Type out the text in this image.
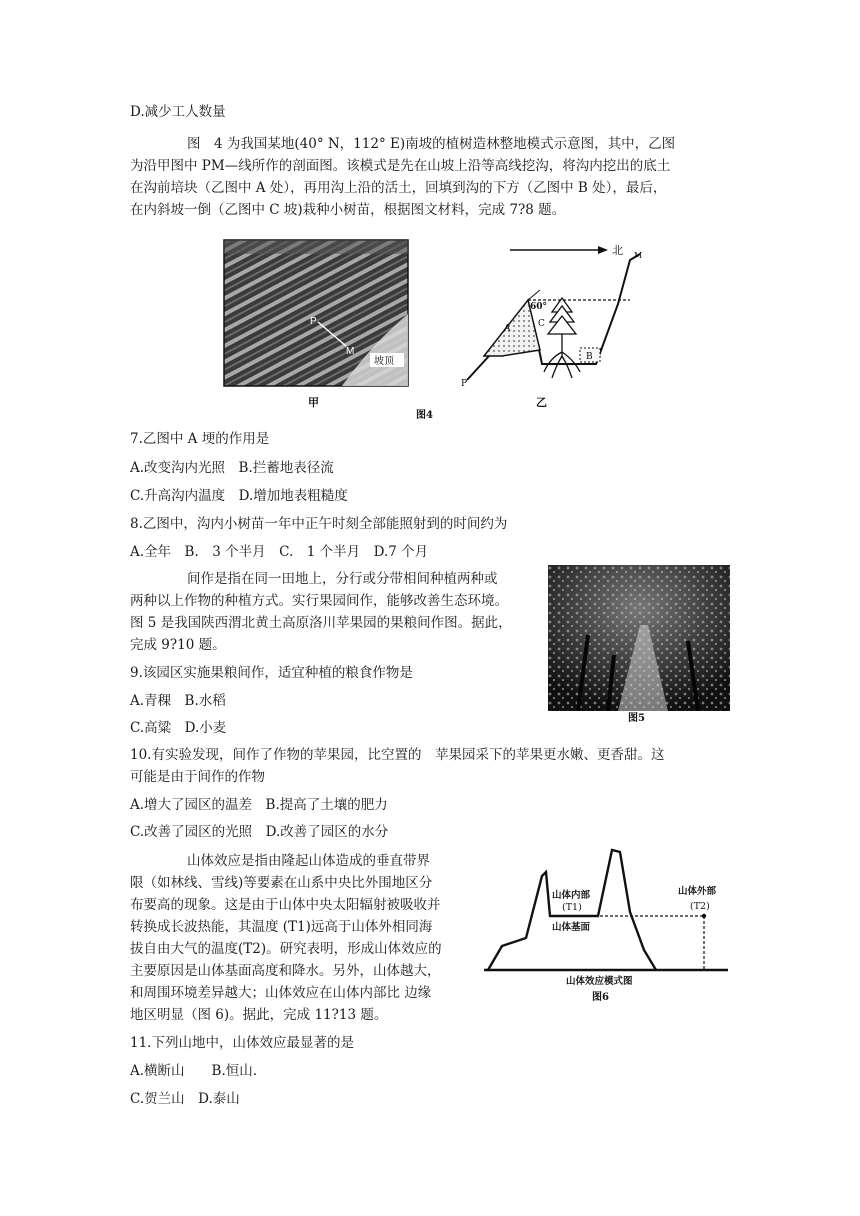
D.减少工人数量
图　4 为我国某地(40° N，112° E)南坡的植树造林整地模式示意图，其中，乙图
为沿甲图中 PM—线所作的剖面图。该模式是先在山坡上沿等高线挖沟，将沟内挖出的底土
在沟前培块（乙图中 A 处），再用沟上沿的活土，回填到沟的下方（乙图中 B 处），最后，
在内斜坡一倒（乙图中 C 坡)栽种小树苗，根据图文材料，完成 7?8 题。
7.乙图中 A 埂的作用是
A.改变沟内光照　B.拦蓄地表径流
C.升高沟内温度　D.增加地表粗糙度
8.乙图中，沟内小树苗一年中正午时刻全部能照射到的时间约为
A.全年　B.　3 个半月　C.　1 个半月　D.7 个月
间作是指在同一田地上，分行或分带相间种植两种或
两种以上作物的种植方式。实行果园间作，能够改善生态环境。
图 5 是我国陕西渭北黄土高原洛川苹果园的果粮间作图。据此，
完成 9?10 题。
9.该园区实施果粮间作，适宜种植的粮食作物是
A.青稞　B.水稻
C.高粱　D.小麦
10.有实验发现，间作了作物的苹果园，比空置的　苹果园采下的苹果更水嫩、更香甜。这
可能是由于间作的作物
A.增大了园区的温差　B.提高了土壤的肥力
C.改善了园区的光照　D.改善了园区的水分
山体效应是指由隆起山体造成的垂直带界
限（如林线、雪线)等要素在山系中央比外围地区分
布要高的现象。这是由于山体中央太阳辐射被吸收并
转换成长波热能，其温度 (T1)远高于山体外相同海
拔自由大气的温度(T2)。研究表明，形成山体效应的
主要原因是山体基面高度和降水。另外，山体越大，
和周围环境差异越大；山体效应在山体内部比 边缘
地区明显（图 6)。据此，完成 11?13 题。
11.下列山地中，山体效应最显著的是
A.横断山　　B.恒山.
C.贺兰山　D.泰山
P
M
坡顶
甲
北
60°
A	C
B
P
M
乙
图4
图5
山体内部
(T1)
山体基面
山体外部
(T2)
山体效应模式图
图6
